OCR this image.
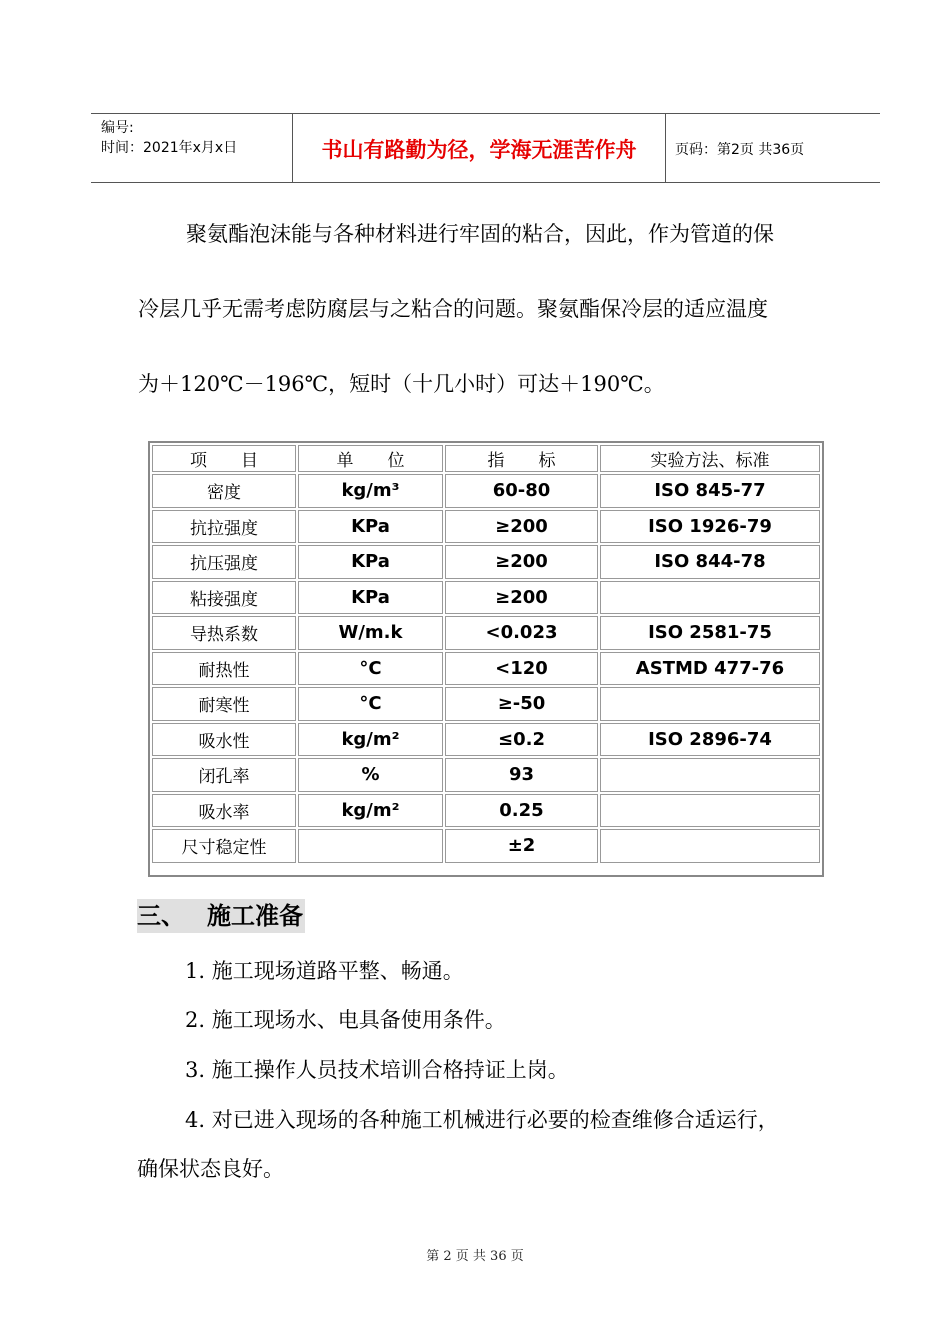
编号:
时间：2021年x月x日	书山有路勤为径，学海无涯苦作舟	页码：第2页 共36页
聚氨酯泡沫能与各种材料进行牢固的粘合，因此，作为管道的保
冷层几乎无需考虑防腐层与之粘合的问题。聚氨酯保冷层的适应温度
为＋120℃－196℃，短时（十几小时）可达＋190℃。
项　　目	单　　位	指　　标	实验方法、标准
密度	kg/m³	60-80	ISO 845-77
抗拉强度	KPa	≥200	ISO 1926-79
抗压强度	KPa	≥200	ISO 844-78
粘接强度	KPa	≥200	
导热系数	W/m.k	<0.023	ISO 2581-75
耐热性	°C	<120	ASTMD 477-76
耐寒性	°C	≥-50	
吸水性	kg/m²	≤0.2	ISO 2896-74
闭孔率	%	93	
吸水率	kg/m²	0.25	
尺寸稳定性		±2	
三、 施工准备
1. 施工现场道路平整、畅通。
2. 施工现场水、电具备使用条件。
3. 施工操作人员技术培训合格持证上岗。
4. 对已进入现场的各种施工机械进行必要的检查维修合适运行，
确保状态良好。
第 2 页 共 36 页
